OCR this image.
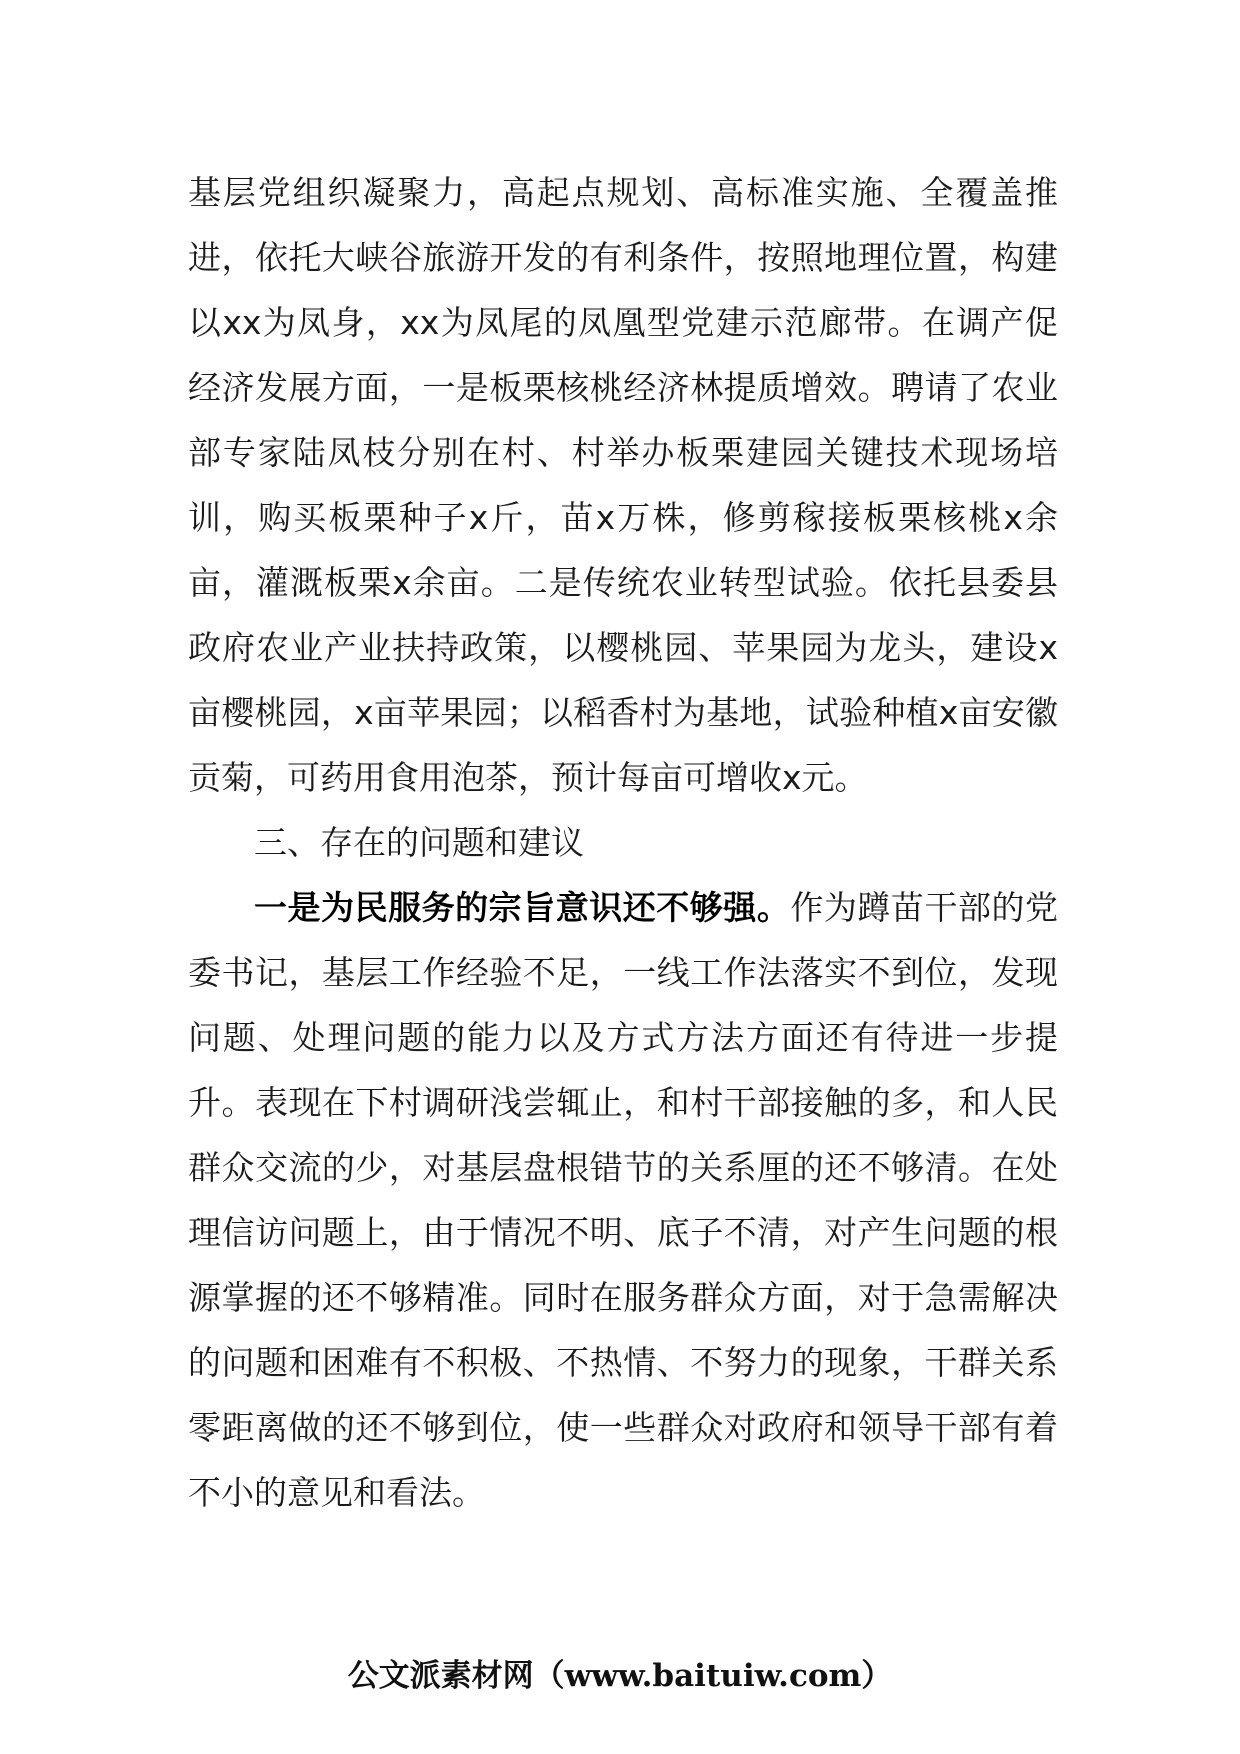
基层党组织凝聚力，高起点规划、高标准实施、全覆盖推进，依托大峡谷旅游开发的有利条件，按照地理位置，构建以xx为凤身，xx为凤尾的凤凰型党建示范廊带。在调产促经济发展方面，一是板栗核桃经济林提质增效。聘请了农业部专家陆凤枝分别在村、村举办板栗建园关键技术现场培训，购买板栗种子x斤，苗x万株，修剪稼接板栗核桃x余亩，灌溉板栗x余亩。二是传统农业转型试验。依托县委县政府农业产业扶持政策，以樱桃园、苹果园为龙头，建设x亩樱桃园，x亩苹果园；以稻香村为基地，试验种植x亩安徽贡菊，可药用食用泡茶，预计每亩可增收x元。

三、存在的问题和建议

一是为民服务的宗旨意识还不够强。作为蹲苗干部的党委书记，基层工作经验不足，一线工作法落实不到位，发现问题、处理问题的能力以及方式方法方面还有待进一步提升。表现在下村调研浅尝辄止，和村干部接触的多，和人民群众交流的少，对基层盘根错节的关系厘的还不够清。在处理信访问题上，由于情况不明、底子不清，对产生问题的根源掌握的还不够精准。同时在服务群众方面，对于急需解决的问题和困难有不积极、不热情、不努力的现象，干群关系零距离做的还不够到位，使一些群众对政府和领导干部有着不小的意见和看法。

公文派素材网（www.baituiw.com）
